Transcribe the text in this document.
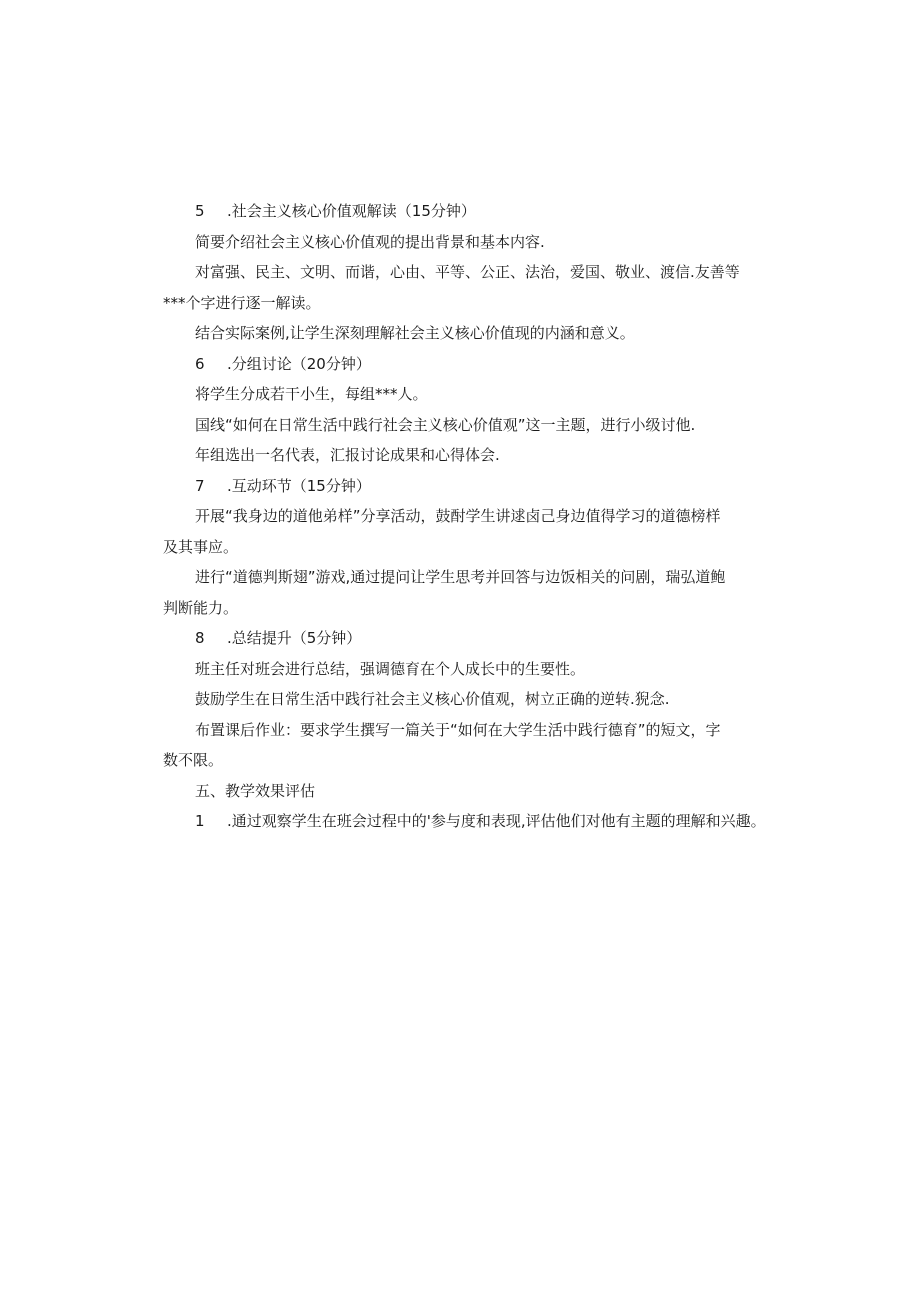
5 .社会主义核心价值观解读（15分钟）

简要介绍社会主义核心价值观的提出背景和基本内容.

对富强、民主、文明、而谐，心由、平等、公正、法治，爱国、敬业、渡信.友善等

***个字进行逐一解读。

结合实际案例,让学生深刻理解社会主义核心价值现的内涵和意义。

6 .分组讨论（20分钟）

将学生分成若干小生，每组***人。

国线“如何在日常生活中践行社会主义核心价值观”这一主题，进行小级讨他.

年组选出一名代表，汇报讨论成果和心得体会.

7 .互动环节（15分钟）

开展“我身边的道他弟样”分享活动，鼓酎学生讲逑卤己身边值得学习的道德榜样

及其事应。

进行“道德判斯翅”游戏,通过提问让学生思考并回答与边饭相关的问剧，瑞弘道鲍

判断能力。

8 .总结提升（5分钟）

班主任对班会进行总结，强调德育在个人成长中的生要性。

鼓励学生在日常生活中践行社会主义核心价值观，树立正确的逆转.猊念.

布置课后作业：要求学生撰写一篇关于“如何在大学生活中践行德育”的短文，字

数不限。

五、教学效果评估

1 .通过观察学生在班会过程中的'参与度和表现,评估他们对他有主题的理解和兴趣。
